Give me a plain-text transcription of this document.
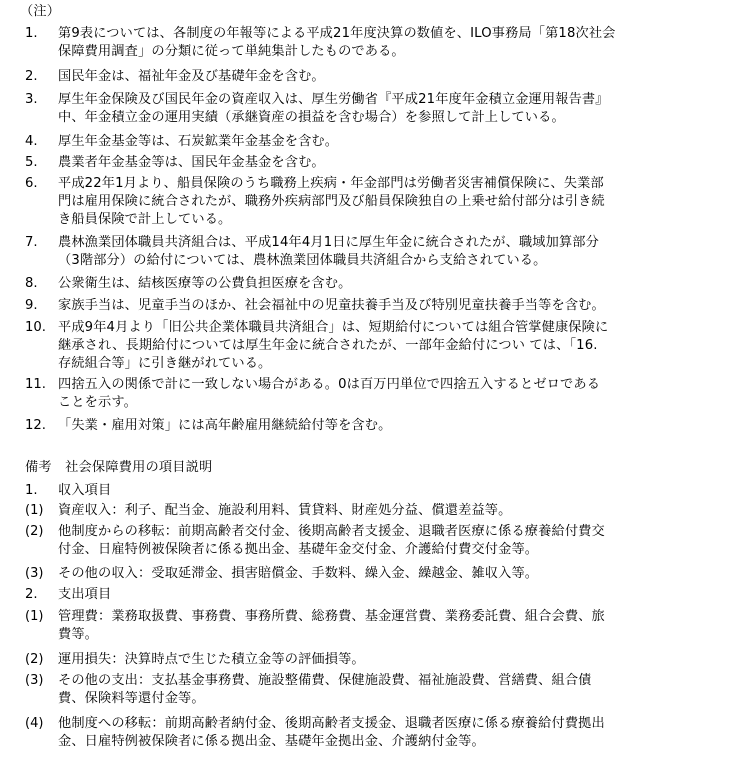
（注）
1. 第9表については、各制度の年報等による平成21年度決算の数値を、ILO事務局「第18次社会
保障費用調査」の分類に従って単純集計したものである。
2. 国民年金は、福祉年金及び基礎年金を含む。
3. 厚生年金保険及び国民年金の資産収入は、厚生労働省『平成21年度年金積立金運用報告書』
中、年金積立金の運用実績（承継資産の損益を含む場合）を参照して計上している。
4. 厚生年金基金等は、石炭鉱業年金基金を含む。
5. 農業者年金基金等は、国民年金基金を含む。
6. 平成22年1月より、船員保険のうち職務上疾病・年金部門は労働者災害補償保険に、失業部
門は雇用保険に統合されたが、職務外疾病部門及び船員保険独自の上乗せ給付部分は引き続
き船員保険で計上している。
7. 農林漁業団体職員共済組合は、平成14年4月1日に厚生年金に統合されたが、職域加算部分
（3階部分）の給付については、農林漁業団体職員共済組合から支給されている。
8. 公衆衛生は、結核医療等の公費負担医療を含む。
9. 家族手当は、児童手当のほか、社会福祉中の児童扶養手当及び特別児童扶養手当等を含む。
10. 平成9年4月より「旧公共企業体職員共済組合」は、短期給付については組合管掌健康保険に
継承され、長期給付については厚生年金に統合されたが、一部年金給付につい ては、「16.
存続組合等」に引き継がれている。
11. 四捨五入の関係で計に一致しない場合がある。0は百万円単位で四捨五入するとゼロである
ことを示す。
12. 「失業・雇用対策」には高年齢雇用継続給付等を含む。
備考　社会保障費用の項目説明
1. 収入項目
(1) 資産収入：利子、配当金、施設利用料、賃貸料、財産処分益、償還差益等。
(2) 他制度からの移転：前期高齢者交付金、後期高齢者支援金、退職者医療に係る療養給付費交
付金、日雇特例被保険者に係る拠出金、基礎年金交付金、介護給付費交付金等。
(3) その他の収入：受取延滞金、損害賠償金、手数料、繰入金、繰越金、雑収入等。
2. 支出項目
(1) 管理費：業務取扱費、事務費、事務所費、総務費、基金運営費、業務委託費、組合会費、旅
費等。
(2) 運用損失：決算時点で生じた積立金等の評価損等。
(3) その他の支出：支払基金事務費、施設整備費、保健施設費、福祉施設費、営繕費、組合債
費、保険料等還付金等。
(4) 他制度への移転：前期高齢者納付金、後期高齢者支援金、退職者医療に係る療養給付費拠出
金、日雇特例被保険者に係る拠出金、基礎年金拠出金、介護納付金等。
